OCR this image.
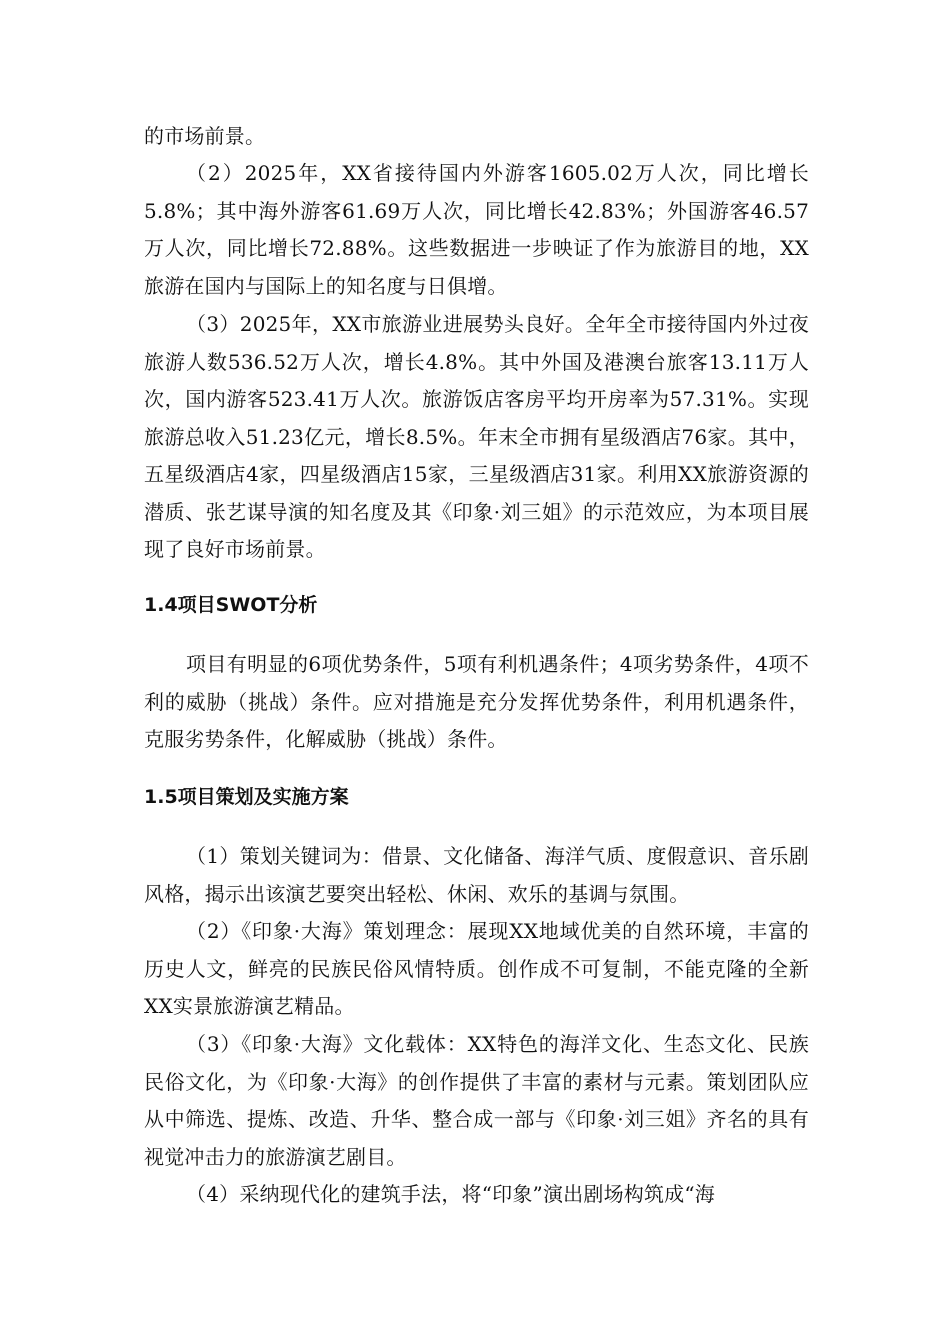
的市场前景。

（2）2025年，XX省接待国内外游客1605.02万人次，同比增长5.8%；其中海外游客61.69万人次，同比增长42.83%；外国游客46.57万人次，同比增长72.88%。这些数据进一步映证了作为旅游目的地，XX旅游在国内与国际上的知名度与日俱增。

（3）2025年，XX市旅游业进展势头良好。全年全市接待国内外过夜旅游人数536.52万人次，增长4.8%。其中外国及港澳台旅客13.11万人次，国内游客523.41万人次。旅游饭店客房平均开房率为57.31%。实现旅游总收入51.23亿元，增长8.5%。年末全市拥有星级酒店76家。其中，五星级酒店4家，四星级酒店15家，三星级酒店31家。利用XX旅游资源的潜质、张艺谋导演的知名度及其《印象·刘三姐》的示范效应，为本项目展现了良好市场前景。

1.4项目SWOT分析

项目有明显的6项优势条件，5项有利机遇条件；4项劣势条件，4项不利的威胁（挑战）条件。应对措施是充分发挥优势条件，利用机遇条件，克服劣势条件，化解威胁（挑战）条件。

1.5项目策划及实施方案

（1）策划关键词为：借景、文化储备、海洋气质、度假意识、音乐剧风格，揭示出该演艺要突出轻松、休闲、欢乐的基调与氛围。

（2）《印象·大海》策划理念：展现XX地域优美的自然环境，丰富的历史人文，鲜亮的民族民俗风情特质。创作成不可复制，不能克隆的全新XX实景旅游演艺精品。

（3）《印象·大海》文化载体：XX特色的海洋文化、生态文化、民族民俗文化，为《印象·大海》的创作提供了丰富的素材与元素。策划团队应从中筛选、提炼、改造、升华、整合成一部与《印象·刘三姐》齐名的具有视觉冲击力的旅游演艺剧目。

（4）采纳现代化的建筑手法，将“印象”演出剧场构筑成“海
